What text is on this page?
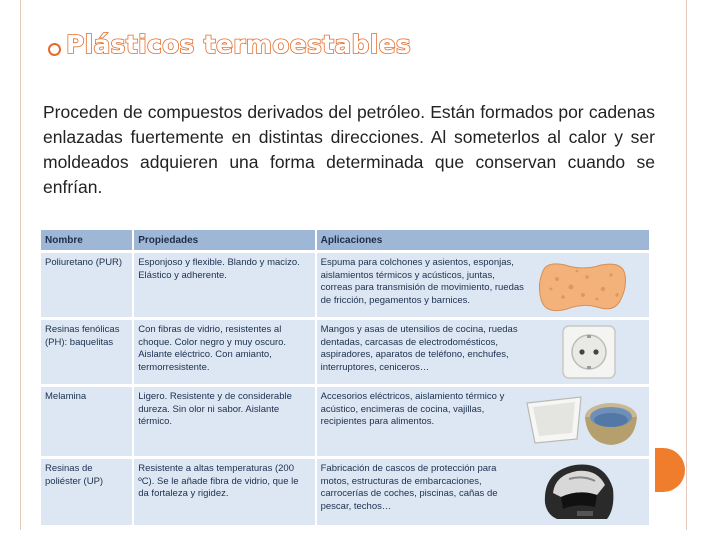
Plásticos termoestables
Proceden de compuestos derivados del petróleo. Están formados por cadenas enlazadas fuertemente en distintas direcciones. Al someterlos al calor y ser moldeados adquieren una forma determinada que conservan cuando se enfrían.
Nombre	Propiedades	Aplicaciones
Poliuretano (PUR)	Esponjoso y flexible. Blando y macizo. Elástico y adherente.	Espuma para colchones y asientos, esponjas, aislamientos térmicos y acústicos, juntas, correas para transmisión de movimiento, ruedas de fricción, pegamentos y barnices.

Resinas fenólicas (PH): baquelitas	Con fibras de vidrio, resistentes al choque. Color negro y muy oscuro. Aislante eléctrico. Con amianto, termorresistente.	Mangos y asas de utensilios de cocina, ruedas dentadas, carcasas de electrodomésticos, aspiradores, aparatos de teléfono, enchufes, interruptores, ceniceros…

Melamina	Ligero. Resistente y de considerable dureza. Sin olor ni sabor. Aislante térmico.	Accesorios eléctricos, aislamiento térmico y acústico, encimeras de cocina, vajillas, recipientes para alimentos.

Resinas de poliéster (UP)	Resistente a altas temperaturas (200 ºC). Se le añade fibra de vidrio, que le da fortaleza y rigidez.	Fabricación de cascos de protección para motos, estructuras de embarcaciones, carrocerías de coches, piscinas, cañas de pescar, techos…
